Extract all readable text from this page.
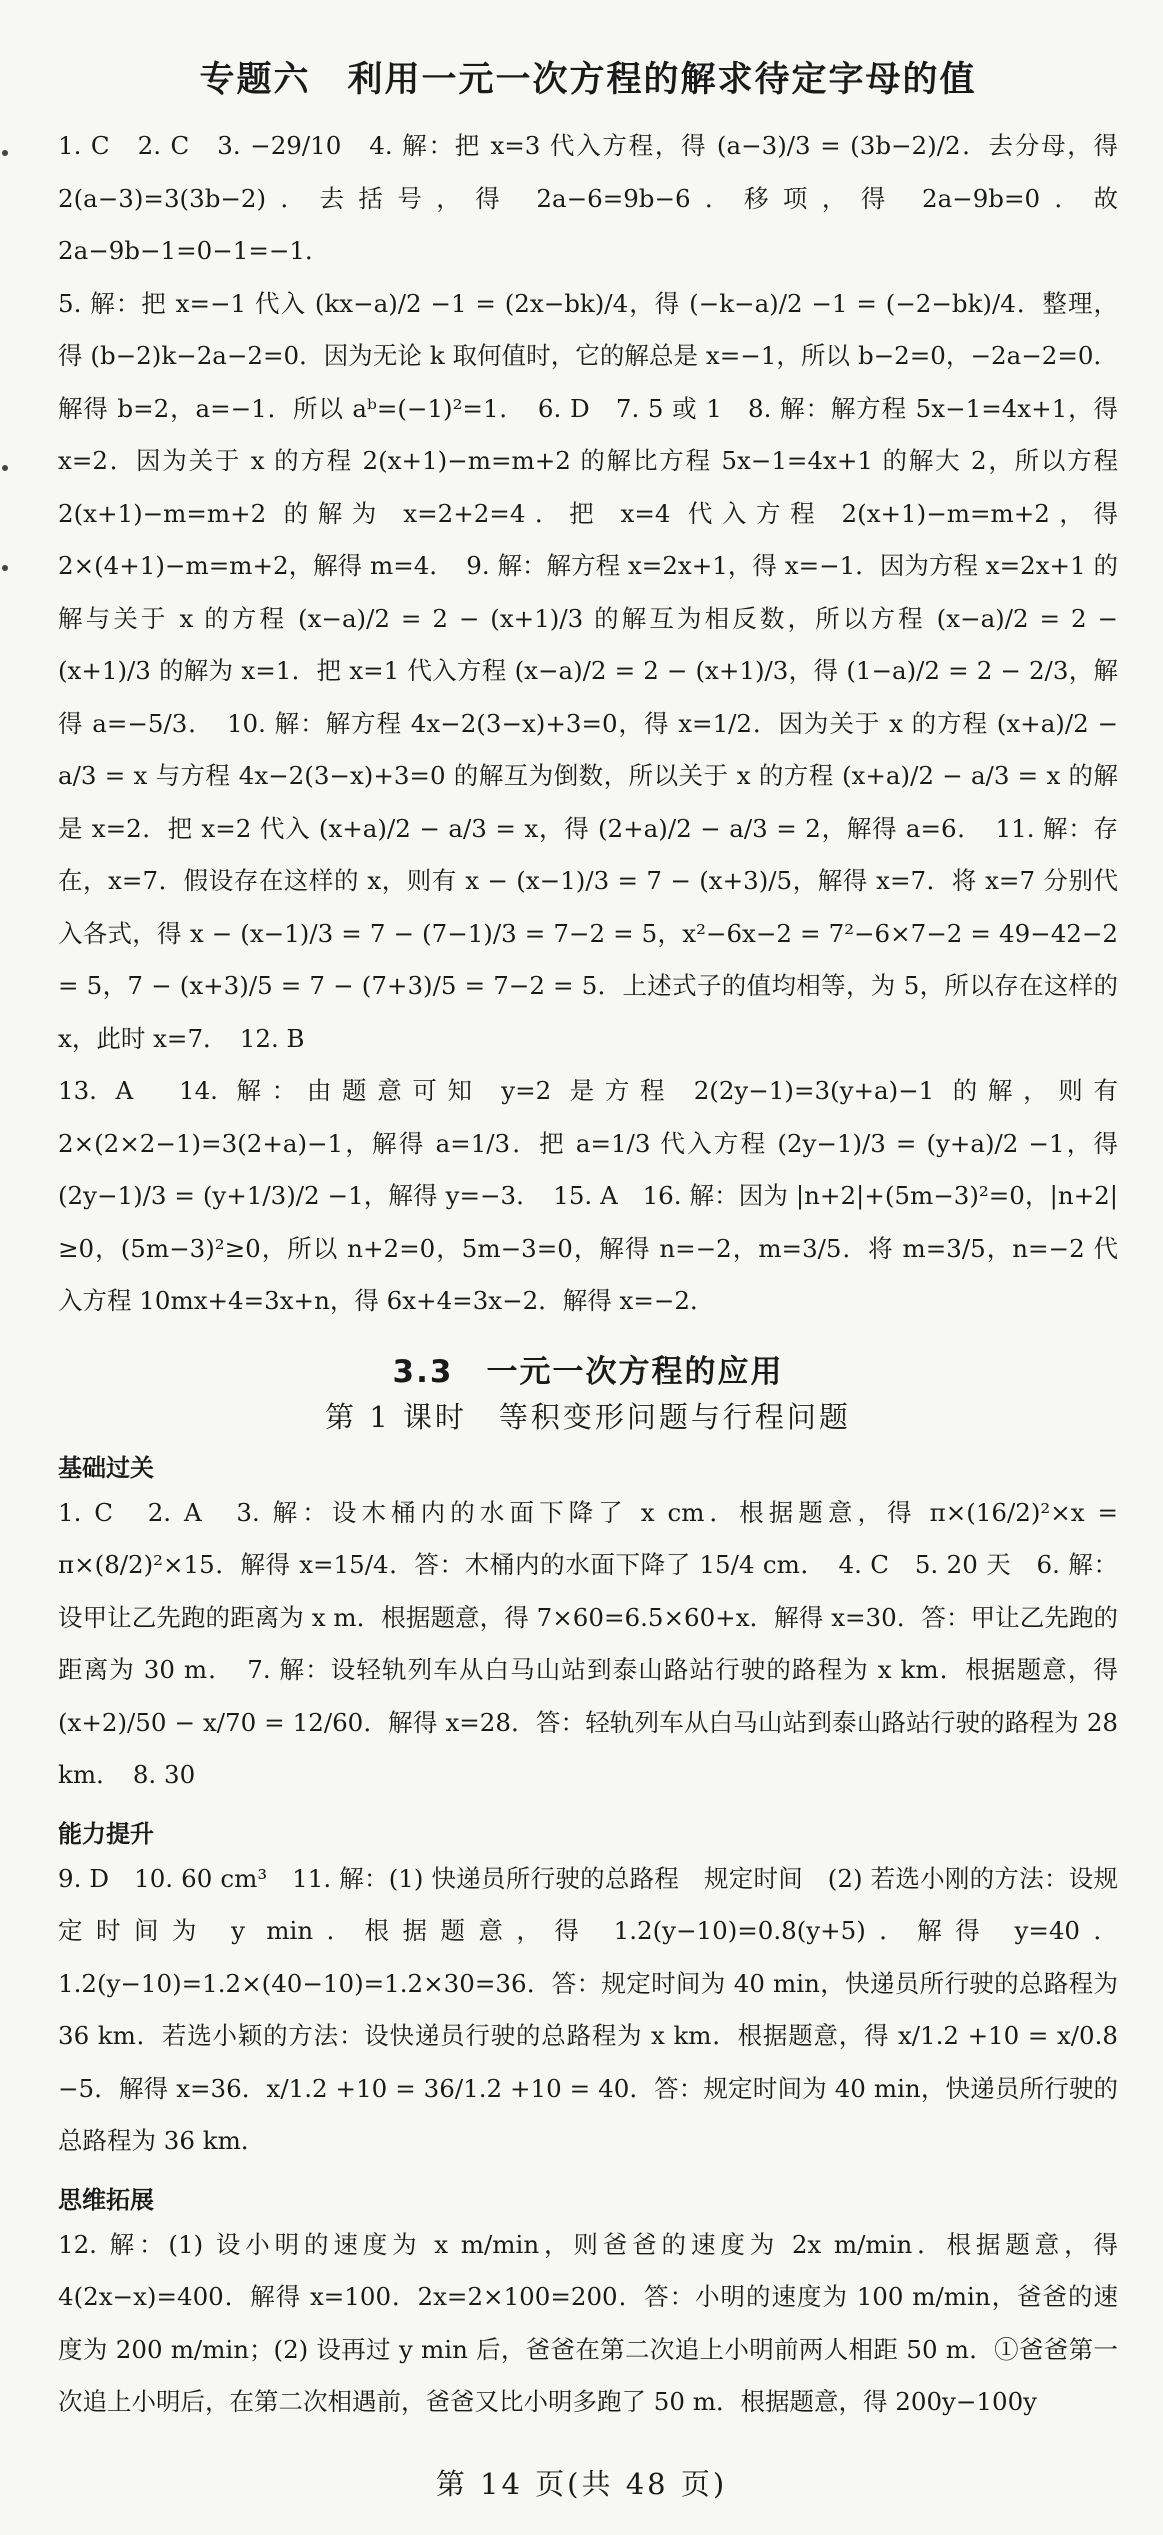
专题六　利用一元一次方程的解求待定字母的值

1. C　2. C　3. −29/10　4. 解：把 x=3 代入方程，得 (a−3)/3 = (3b−2)/2．去分母，得 2(a−3)=3(3b−2)．去括号，得 2a−6=9b−6．移项，得 2a−9b=0．故 2a−9b−1=0−1=−1．

5. 解：把 x=−1 代入 (kx−a)/2 −1 = (2x−bk)/4，得 (−k−a)/2 −1 = (−2−bk)/4．整理，得 (b−2)k−2a−2=0．因为无论 k 取何值时，它的解总是 x=−1，所以 b−2=0，−2a−2=0．解得 b=2，a=−1．所以 aᵇ=(−1)²=1．　6. D　7. 5 或 1　8. 解：解方程 5x−1=4x+1，得 x=2．因为关于 x 的方程 2(x+1)−m=m+2 的解比方程 5x−1=4x+1 的解大 2，所以方程 2(x+1)−m=m+2 的解为 x=2+2=4．把 x=4 代入方程 2(x+1)−m=m+2，得 2×(4+1)−m=m+2，解得 m=4．　9. 解：解方程 x=2x+1，得 x=−1．因为方程 x=2x+1 的解与关于 x 的方程 (x−a)/2 = 2 − (x+1)/3 的解互为相反数，所以方程 (x−a)/2 = 2 − (x+1)/3 的解为 x=1．把 x=1 代入方程 (x−a)/2 = 2 − (x+1)/3，得 (1−a)/2 = 2 − 2/3，解得 a=−5/3．　10. 解：解方程 4x−2(3−x)+3=0，得 x=1/2．因为关于 x 的方程 (x+a)/2 − a/3 = x 与方程 4x−2(3−x)+3=0 的解互为倒数，所以关于 x 的方程 (x+a)/2 − a/3 = x 的解是 x=2．把 x=2 代入 (x+a)/2 − a/3 = x，得 (2+a)/2 − a/3 = 2，解得 a=6．　11. 解：存在，x=7．假设存在这样的 x，则有 x − (x−1)/3 = 7 − (x+3)/5，解得 x=7．将 x=7 分别代入各式，得 x − (x−1)/3 = 7 − (7−1)/3 = 7−2 = 5，x²−6x−2 = 7²−6×7−2 = 49−42−2 = 5，7 − (x+3)/5 = 7 − (7+3)/5 = 7−2 = 5．上述式子的值均相等，为 5，所以存在这样的 x，此时 x=7．　12. B

13. A　14. 解：由题意可知 y=2 是方程 2(2y−1)=3(y+a)−1 的解，则有 2×(2×2−1)=3(2+a)−1，解得 a=1/3．把 a=1/3 代入方程 (2y−1)/3 = (y+a)/2 −1，得 (2y−1)/3 = (y+1/3)/2 −1，解得 y=−3．　15. A　16. 解：因为 |n+2|+(5m−3)²=0，|n+2|≥0，(5m−3)²≥0，所以 n+2=0，5m−3=0，解得 n=−2，m=3/5．将 m=3/5，n=−2 代入方程 10mx+4=3x+n，得 6x+4=3x−2．解得 x=−2．

3.3　一元一次方程的应用
第 1 课时　等积变形问题与行程问题
基础过关

1. C　2. A　3. 解：设木桶内的水面下降了 x cm．根据题意，得 π×(16/2)²×x = π×(8/2)²×15．解得 x=15/4．答：木桶内的水面下降了 15/4 cm．　4. C　5. 20 天　6. 解：设甲让乙先跑的距离为 x m．根据题意，得 7×60=6.5×60+x．解得 x=30．答：甲让乙先跑的距离为 30 m．　7. 解：设轻轨列车从白马山站到泰山路站行驶的路程为 x km．根据题意，得 (x+2)/50 − x/70 = 12/60．解得 x=28．答：轻轨列车从白马山站到泰山路站行驶的路程为 28 km．　8. 30

能力提升

9. D　10. 60 cm³　11. 解：(1) 快递员所行驶的总路程　规定时间　(2) 若选小刚的方法：设规定时间为 y min．根据题意，得 1.2(y−10)=0.8(y+5)．解得 y=40．1.2(y−10)=1.2×(40−10)=1.2×30=36．答：规定时间为 40 min，快递员所行驶的总路程为 36 km．若选小颖的方法：设快递员行驶的总路程为 x km．根据题意，得 x/1.2 +10 = x/0.8 −5．解得 x=36．x/1.2 +10 = 36/1.2 +10 = 40．答：规定时间为 40 min，快递员所行驶的总路程为 36 km．

思维拓展

12. 解：(1) 设小明的速度为 x m/min，则爸爸的速度为 2x m/min．根据题意，得 4(2x−x)=400．解得 x=100．2x=2×100=200．答：小明的速度为 100 m/min，爸爸的速度为 200 m/min；(2) 设再过 y min 后，爸爸在第二次追上小明前两人相距 50 m．①爸爸第一次追上小明后，在第二次相遇前，爸爸又比小明多跑了 50 m．根据题意，得 200y−100y

第 14 页(共 48 页)
